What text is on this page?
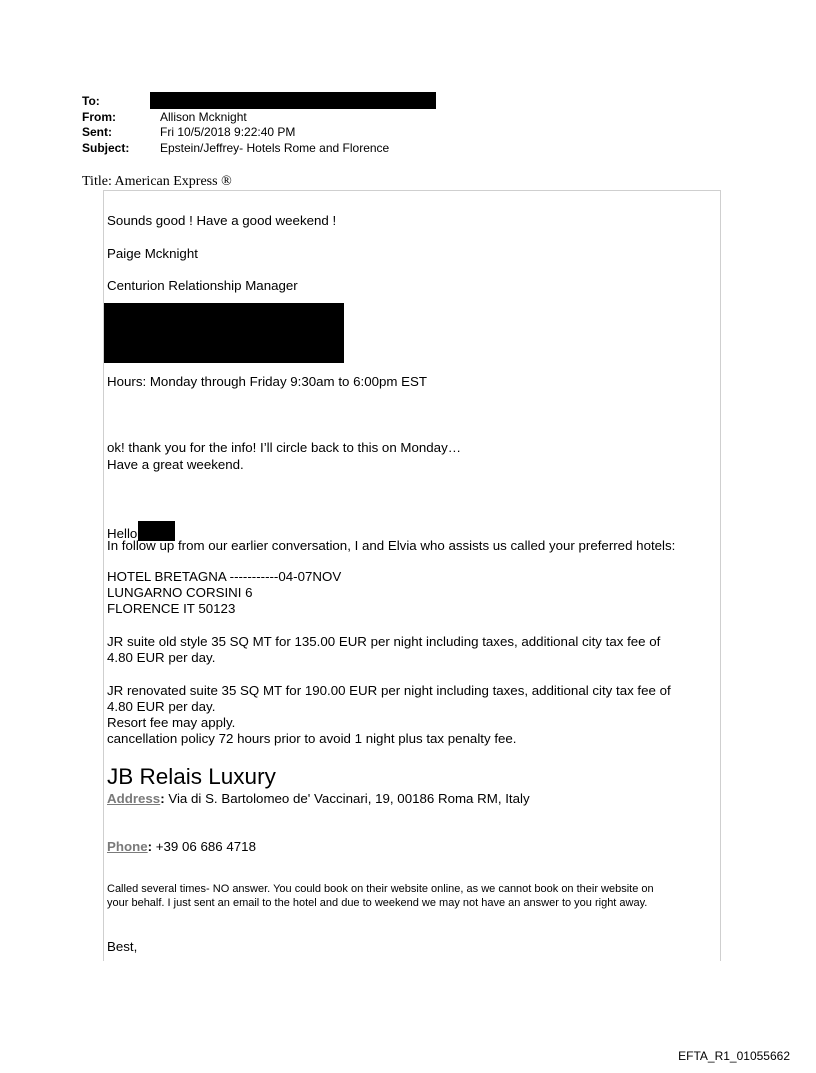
To:
From:	Allison Mcknight
Sent:	Fri 10/5/2018 9:22:40 PM
Subject:	Epstein/Jeffrey- Hotels Rome and Florence
Title: American Express ®
Sounds good ! Have a good weekend !
Paige Mcknight
Centurion Relationship Manager
Hours: Monday through Friday 9:30am to 6:00pm EST
ok! thank you for the info! I’ll circle back to this on Monday…
Have a great weekend.
Hello
In follow up from our earlier conversation, I and Elvia who assists us called your preferred hotels:
HOTEL BRETAGNA -----------04-07NOV
LUNGARNO CORSINI 6
FLORENCE IT 50123
JR suite old style 35 SQ MT for 135.00 EUR per night including taxes, additional city tax fee of
4.80 EUR per day.
JR renovated suite 35 SQ MT for 190.00 EUR per night including taxes, additional city tax fee of
4.80 EUR per day.
Resort fee may apply.
cancellation policy 72 hours prior to avoid 1 night plus tax penalty fee.
JB Relais Luxury
Address: Via di S. Bartolomeo de' Vaccinari, 19, 00186 Roma RM, Italy
Phone: +39 06 686 4718
Called several times- NO answer. You could book on their website online, as we cannot book on their website on
your behalf. I just sent an email to the hotel and due to weekend we may not have an answer to you right away.
Best,
EFTA_R1_01055662
